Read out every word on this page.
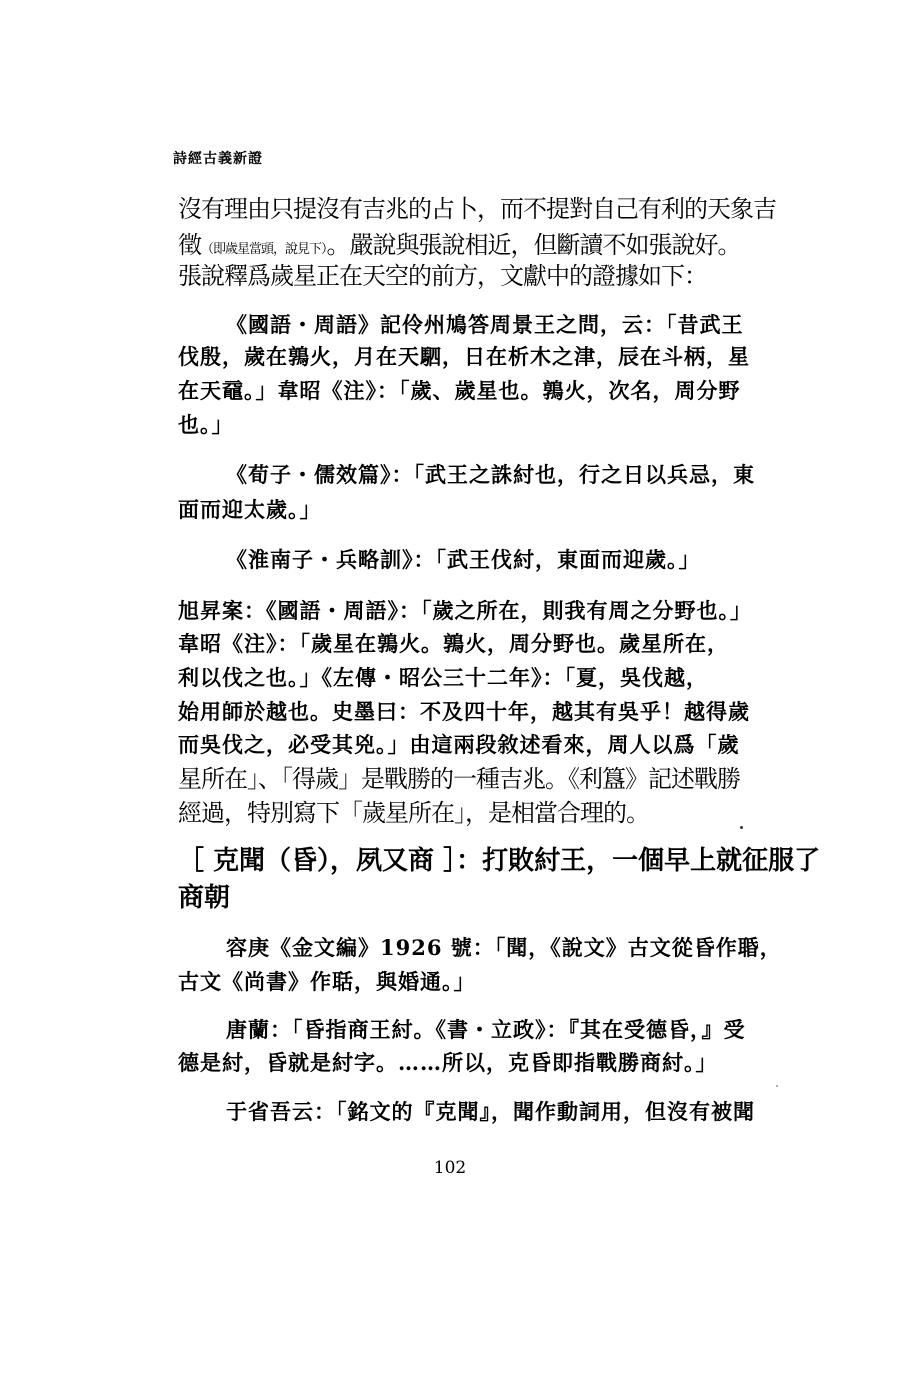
詩經古義新證
沒有理由只提沒有吉兆的占卜，而不提對自己有利的天象吉
徵（即歲星當頭，說見下）。嚴說與張說相近，但斷讀不如張說好。
張說釋爲歲星正在天空的前方，文獻中的證據如下：
《國語・周語》記伶州鳩答周景王之問，云：「昔武王
伐殷，歲在鶉火，月在天駟，日在析木之津，辰在斗柄，星
在天黿。」韋昭《注》：「歲、歲星也。鶉火，次名，周分野
也。」
《荀子・儒效篇》：「武王之誅紂也，行之日以兵忌，東
面而迎太歲。」
《淮南子・兵略訓》：「武王伐紂，東面而迎歲。」
旭昇案：《國語・周語》：「歲之所在，則我有周之分野也。」
韋昭《注》：「歲星在鶉火。鶉火，周分野也。歲星所在，
利以伐之也。」《左傳・昭公三十二年》：「夏，吳伐越，
始用師於越也。史墨曰：不及四十年，越其有吳乎！越得歲
而吳伐之，必受其兇。」由這兩段敘述看來，周人以爲「歲
星所在」、「得歲」是戰勝的一種吉兆。《利簋》記述戰勝
經過，特別寫下「歲星所在」，是相當合理的。
［ 克聞（昏），夙又商 ］：打敗紂王，一個早上就征服了
商朝
容庚《金文編》1926 號：「聞，《說文》古文從昏作䎽，
古文《尚書》作聒，與婚通。」
唐蘭：「昏指商王紂。《書・立政》：『其在受德昏，』受
德是紂，昏就是紂字。……所以，克昏即指戰勝商紂。」
于省吾云：「銘文的『克聞』，聞作動詞用，但沒有被聞
102
